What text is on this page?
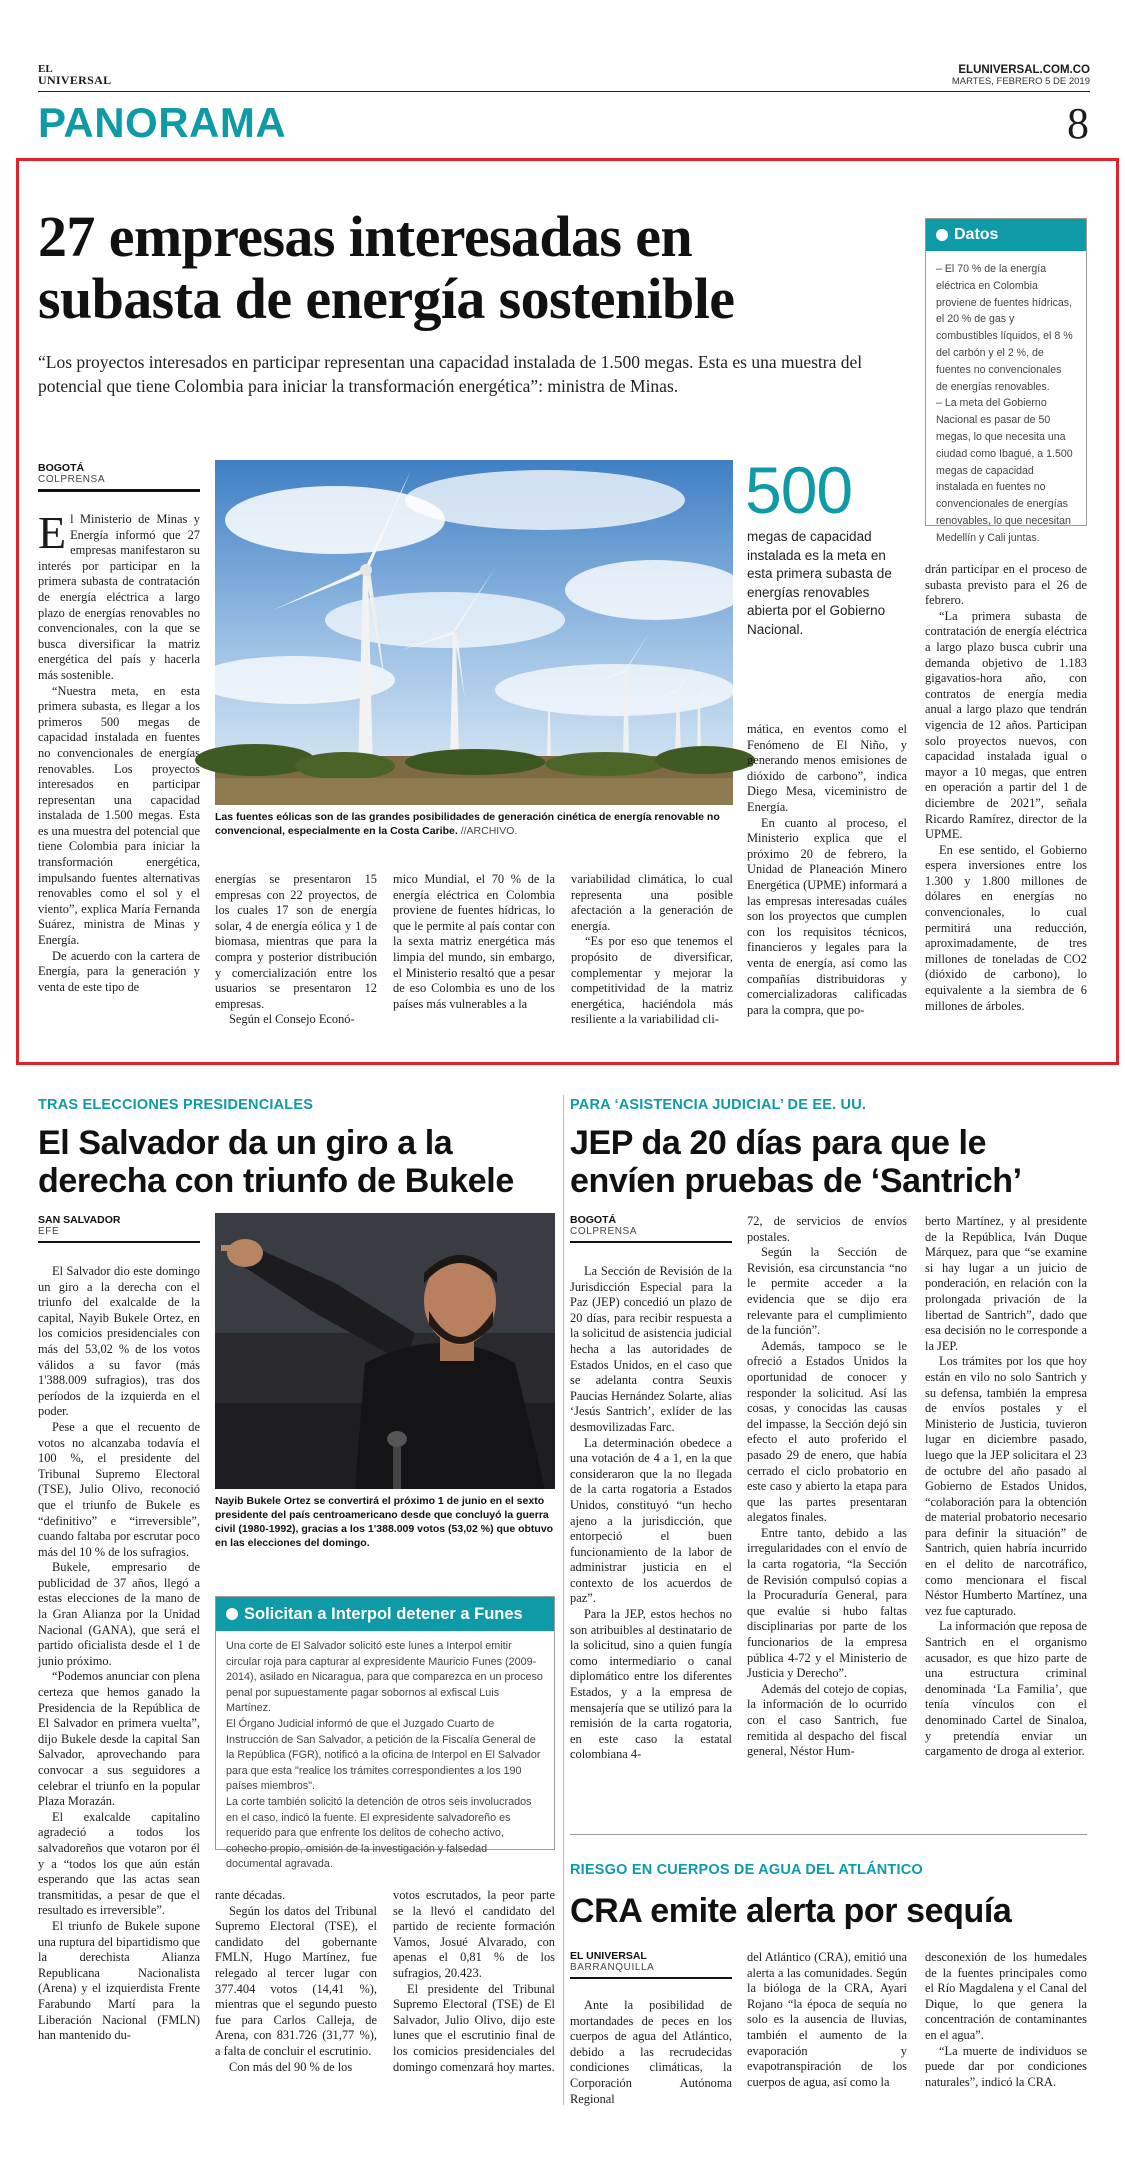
EL
UNIVERSAL
ELUNIVERSAL.COM.CO
MARTES, FEBRERO 5 DE 2019
PANORAMA	8
27 empresas interesadas en
subasta de energía sostenible
“Los proyectos interesados en participar representan una capacidad instalada de 1.500 megas. Esta es una muestra del potencial que tiene Colombia para iniciar la transformación energética”: ministra de Minas.
Datos

– El 70 % de la energía eléctrica en Colombia proviene de fuentes hídricas, el 20 % de gas y combustibles líquidos, el 8 % del carbón y el 2 %, de fuentes no convencionales de energías renovables.

– La meta del Gobierno Nacional es pasar de 50 megas, lo que necesita una ciudad como Ibagué, a 1.500 megas de capacidad instalada en fuentes no convencionales de energías renovables, lo que necesitan Medellín y Cali juntas.

BOGOTÁ
COLPRENSA

El Ministerio de Minas y Energía informó que 27 empresas manifestaron su interés por participar en la primera subasta de contratación de energía eléctrica a largo plazo de energías renovables no convencionales, con la que se busca diversificar la matriz energética del país y hacerla más sostenible.

“Nuestra meta, en esta primera subasta, es llegar a los primeros 500 megas de capacidad instalada en fuentes no convencionales de energías renovables. Los proyectos interesados en participar representan una capacidad instalada de 1.500 megas. Esta es una muestra del potencial que tiene Colombia para iniciar la transformación energética, impulsando fuentes alternativas renovables como el sol y el viento”, explica María Fernanda Suárez, ministra de Minas y Energía.

De acuerdo con la cartera de Energía, para la generación y venta de este tipo de

Las fuentes eólicas son de las grandes posibilidades de generación cinética de energía renovable no convencional, especialmente en la Costa Caribe. //ARCHIVO.
500
megas de capacidad instalada es la meta en esta primera subasta de energías renovables abierta por el Gobierno Nacional.

energías se presentaron 15 empresas con 22 proyectos, de los cuales 17 son de energía solar, 4 de energía eólica y 1 de biomasa, mientras que para la compra y posterior distribución y comercialización entre los usuarios se presentaron 12 empresas.

Según el Consejo Econó-

mico Mundial, el 70 % de la energía eléctrica en Colombia proviene de fuentes hídricas, lo que le permite al país contar con la sexta matriz energética más limpia del mundo, sin embargo, el Ministerio resaltó que a pesar de eso Colombia es uno de los países más vulnerables a la

variabilidad climática, lo cual representa una posible afectación a la generación de energía.

“Es por eso que tenemos el propósito de diversificar, complementar y mejorar la competitividad de la matriz energética, haciéndola más resiliente a la variabilidad cli-

mática, en eventos como el Fenómeno de El Niño, y generando menos emisiones de dióxido de carbono”, indica Diego Mesa, viceministro de Energía.

En cuanto al proceso, el Ministerio explica que el próximo 20 de febrero, la Unidad de Planeación Minero Energética (UPME) informará a las empresas interesadas cuáles son los proyectos que cumplen con los requisitos técnicos, financieros y legales para la venta de energía, así como las compañías distribuidoras y comercializadoras calificadas para la compra, que po-

drán participar en el proceso de subasta previsto para el 26 de febrero.

“La primera subasta de contratación de energía eléctrica a largo plazo busca cubrir una demanda objetivo de 1.183 gigavatios-hora año, con contratos de energía media anual a largo plazo que tendrán vigencia de 12 años. Participan solo proyectos nuevos, con capacidad instalada igual o mayor a 10 megas, que entren en operación a partir del 1 de diciembre de 2021”, señala Ricardo Ramírez, director de la UPME.

En ese sentido, el Gobierno espera inversiones entre los 1.300 y 1.800 millones de dólares en energías no convencionales, lo cual permitirá una reducción, aproximadamente, de tres millones de toneladas de CO2 (dióxido de carbono), lo equivalente a la siembra de 6 millones de árboles.

TRAS ELECCIONES PRESIDENCIALES
El Salvador da un giro a la
derecha con triunfo de Bukele
SAN SALVADOR
EFE

El Salvador dio este domingo un giro a la derecha con el triunfo del exalcalde de la capital, Nayib Bukele Ortez, en los comicios presidenciales con más del 53,02 % de los votos válidos a su favor (más 1'388.009 sufragios), tras dos períodos de la izquierda en el poder.

Pese a que el recuento de votos no alcanzaba todavía el 100 %, el presidente del Tribunal Supremo Electoral (TSE), Julio Olivo, reconoció que el triunfo de Bukele es “definitivo” e “irreversible”, cuando faltaba por escrutar poco más del 10 % de los sufragios.

Bukele, empresario de publicidad de 37 años, llegó a estas elecciones de la mano de la Gran Alianza por la Unidad Nacional (GANA), que será el partido oficialista desde el 1 de junio próximo.

“Podemos anunciar con plena certeza que hemos ganado la Presidencia de la República de El Salvador en primera vuelta”, dijo Bukele desde la capital San Salvador, aprovechando para convocar a sus seguidores a celebrar el triunfo en la popular Plaza Morazán.

El exalcalde capitalino agradeció a todos los salvadoreños que votaron por él y a “todos los que aún están esperando que las actas sean transmitidas, a pesar de que el resultado es irreversible”.

El triunfo de Bukele supone una ruptura del bipartidismo que la derechista Alianza Republicana Nacionalista (Arena) y el izquierdista Frente Farabundo Martí para la Liberación Nacional (FMLN) han mantenido du-

Nayib Bukele Ortez se convertirá el próximo 1 de junio en el sexto presidente del país centroamericano desde que concluyó la guerra civil (1980-1992), gracias a los 1'388.009 votos (53,02 %) que obtuvo en las elecciones del domingo.
Solicitan a Interpol detener a Funes

Una corte de El Salvador solicitó este lunes a Interpol emitir circular roja para capturar al expresidente Mauricio Funes (2009-2014), asilado en Nicaragua, para que comparezca en un proceso penal por supuestamente pagar sobornos al exfiscal Luis Martínez.

El Órgano Judicial informó de que el Juzgado Cuarto de Instrucción de San Salvador, a petición de la Fiscalía General de la República (FGR), notificó a la oficina de Interpol en El Salvador para que esta "realice los trámites correspondientes a los 190 países miembros".

La corte también solicitó la detención de otros seis involucrados en el caso, indicó la fuente. El expresidente salvadoreño es requerido para que enfrente los delitos de cohecho activo, cohecho propio, omisión de la investigación y falsedad documental agravada.

rante décadas.

Según los datos del Tribunal Supremo Electoral (TSE), el candidato del gobernante FMLN, Hugo Martínez, fue relegado al tercer lugar con 377.404 votos (14,41 %), mientras que el segundo puesto fue para Carlos Calleja, de Arena, con 831.726 (31,77 %), a falta de concluir el escrutinio.

Con más del 90 % de los

votos escrutados, la peor parte se la llevó el candidato del partido de reciente formación Vamos, Josué Alvarado, con apenas el 0,81 % de los sufragios, 20.423.

El presidente del Tribunal Supremo Electoral (TSE) de El Salvador, Julio Olivo, dijo este lunes que el escrutinio final de los comicios presidenciales del domingo comenzará hoy martes.

PARA ‘ASISTENCIA JUDICIAL’ DE EE. UU.
JEP da 20 días para que le
envíen pruebas de ‘Santrich’
BOGOTÁ
COLPRENSA

La Sección de Revisión de la Jurisdicción Especial para la Paz (JEP) concedió un plazo de 20 días, para recibir respuesta a la solicitud de asistencia judicial hecha a las autoridades de Estados Unidos, en el caso que se adelanta contra Seuxis Paucias Hernández Solarte, alias ‘Jesús Santrich’, exlíder de las desmovilizadas Farc.

La determinación obedece a una votación de 4 a 1, en la que consideraron que la no llegada de la carta rogatoria a Estados Unidos, constituyó “un hecho ajeno a la jurisdicción, que entorpeció el buen funcionamiento de la labor de administrar justicia en el contexto de los acuerdos de paz”.

Para la JEP, estos hechos no son atribuibles al destinatario de la solicitud, sino a quien fungía como intermediario o canal diplomático entre los diferentes Estados, y a la empresa de mensajería que se utilizó para la remisión de la carta rogatoria, en este caso la estatal colombiana 4-

72, de servicios de envíos postales.

Según la Sección de Revisión, esa circunstancia “no le permite acceder a la evidencia que se dijo era relevante para el cumplimiento de la función”.

Además, tampoco se le ofreció a Estados Unidos la oportunidad de conocer y responder la solicitud. Así las cosas, y conocidas las causas del impasse, la Sección dejó sin efecto el auto proferido el pasado 29 de enero, que había cerrado el ciclo probatorio en este caso y abierto la etapa para que las partes presentaran alegatos finales.

Entre tanto, debido a las irregularidades con el envío de la carta rogatoria, “la Sección de Revisión compulsó copias a la Procuraduría General, para que evalúe si hubo faltas disciplinarias por parte de los funcionarios de la empresa pública 4-72 y el Ministerio de Justicia y Derecho”.

Además del cotejo de copias, la información de lo ocurrido con el caso Santrich, fue remitida al despacho del fiscal general, Néstor Hum-

berto Martínez, y al presidente de la República, Iván Duque Márquez, para que “se examine si hay lugar a un juicio de ponderación, en relación con la prolongada privación de la libertad de Santrich”, dado que esa decisión no le corresponde a la JEP.

Los trámites por los que hoy están en vilo no solo Santrich y su defensa, también la empresa de envíos postales y el Ministerio de Justicia, tuvieron lugar en diciembre pasado, luego que la JEP solicitara el 23 de octubre del año pasado al Gobierno de Estados Unidos, “colaboración para la obtención de material probatorio necesario para definir la situación” de Santrich, quien habría incurrido en el delito de narcotráfico, como mencionara el fiscal Néstor Humberto Martínez, una vez fue capturado.

La información que reposa de Santrich en el organismo acusador, es que hizo parte de una estructura criminal denominada ‘La Familia’, que tenía vínculos con el denominado Cartel de Sinaloa, y pretendía enviar un cargamento de droga al exterior.

RIESGO EN CUERPOS DE AGUA DEL ATLÁNTICO
CRA emite alerta por sequía
EL UNIVERSAL
BARRANQUILLA

Ante la posibilidad de mortandades de peces en los cuerpos de agua del Atlántico, debido a las recrudecidas condiciones climáticas, la Corporación Autónoma Regional

del Atlántico (CRA), emitió una alerta a las comunidades. Según la bióloga de la CRA, Ayari Rojano “la época de sequía no solo es la ausencia de lluvias, también el aumento de la evaporación y evapotranspiración de los cuerpos de agua, así como la

desconexión de los humedales de la fuentes principales como el Río Magdalena y el Canal del Dique, lo que genera la concentración de contaminantes en el agua”.

“La muerte de individuos se puede dar por condiciones naturales”, indicó la CRA.
